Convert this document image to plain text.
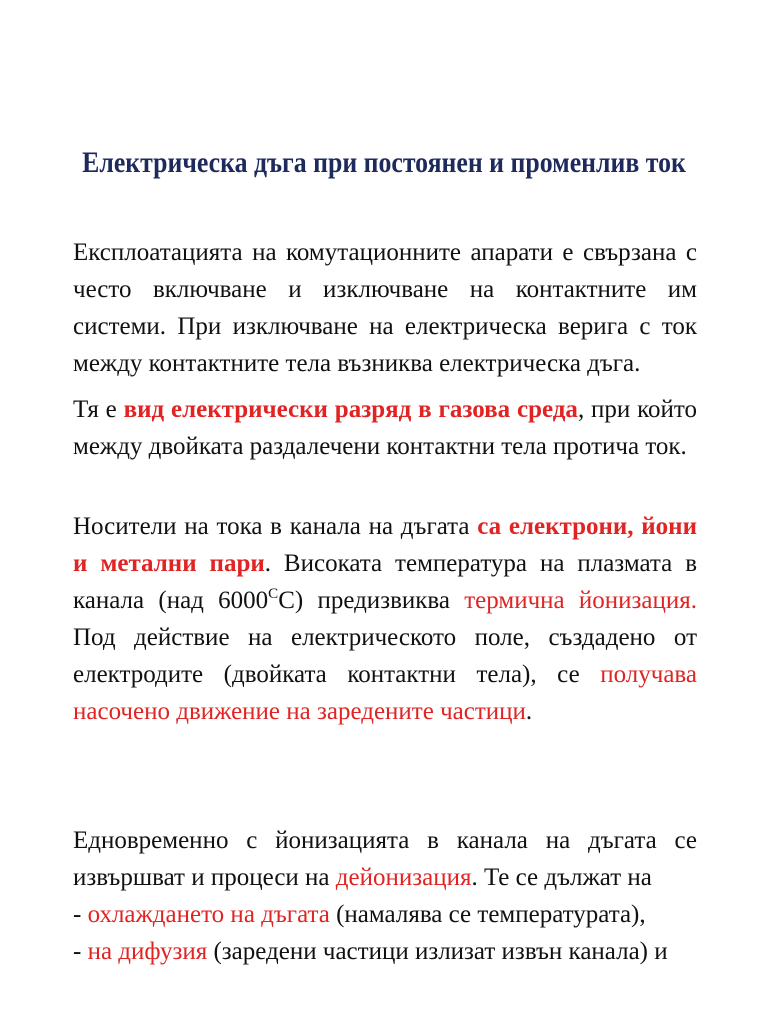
Електрическа дъга при постоянен и променлив ток

Експлоатацията на комутационните апарати е свързана с често включване и изключване на контактните им системи. При изключване на електрическа верига с ток между контактните тела възниква електрическа дъга.

Тя е вид електрически разряд в газова среда, при който между двойката раздалечени контактни тела протича ток.

Носители на тока в канала на дъгата са електрони, йони и метални пари. Високата температура на плазмата в канала (над $6000^СС$) предизвиква термична йонизация. Под действие на електрическото поле, създадено от електродите (двойката контактни тела), се получава насочено движение на заредените частици.

Едновременно с йонизацията в канала на дъгата се извършват и процеси на дейонизация. Те се дължат на

- охлаждането на дъгата (намалява се температурата),
- на дифузия (заредени частици излизат извън канала) и
